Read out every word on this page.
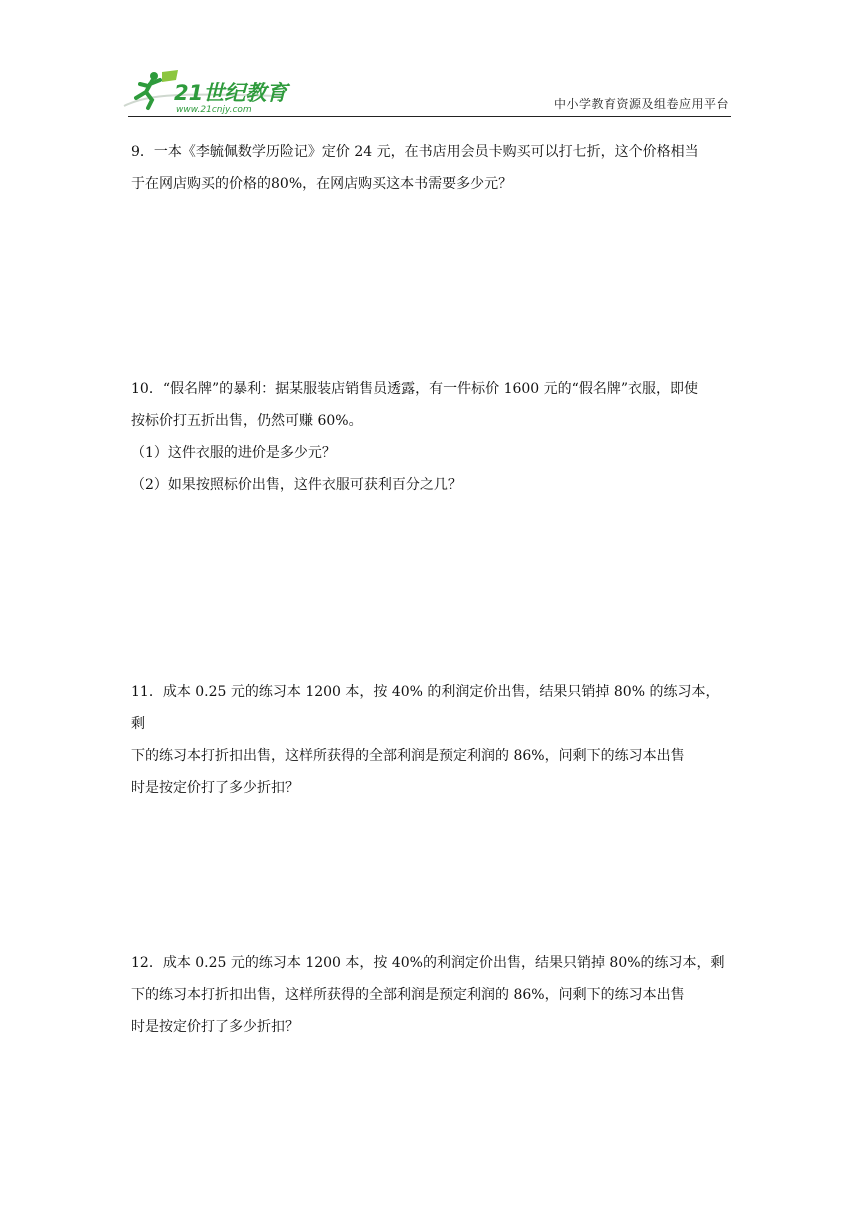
21世纪教育
www.21cnjy.com	中小学教育资源及组卷应用平台

9．一本《李毓佩数学历险记》定价 24 元，在书店用会员卡购买可以打七折，这个价格相当

于在网店购买的价格的80%，在网店购买这本书需要多少元？

10．“假名牌”的暴利：据某服装店销售员透露，有一件标价 1600 元的“假名牌”衣服，即使

按标价打五折出售，仍然可赚 60%。

（1）这件衣服的进价是多少元？

（2）如果按照标价出售，这件衣服可获利百分之几？

11．成本 0.25 元的练习本 1200 本，按 40% 的利润定价出售，结果只销掉 80% 的练习本，剩

下的练习本打折扣出售，这样所获得的全部利润是预定利润的 86%，问剩下的练习本出售

时是按定价打了多少折扣？

12．成本 0.25 元的练习本 1200 本，按 40%的利润定价出售，结果只销掉 80%的练习本，剩

下的练习本打折扣出售，这样所获得的全部利润是预定利润的 86%，问剩下的练习本出售

时是按定价打了多少折扣？
